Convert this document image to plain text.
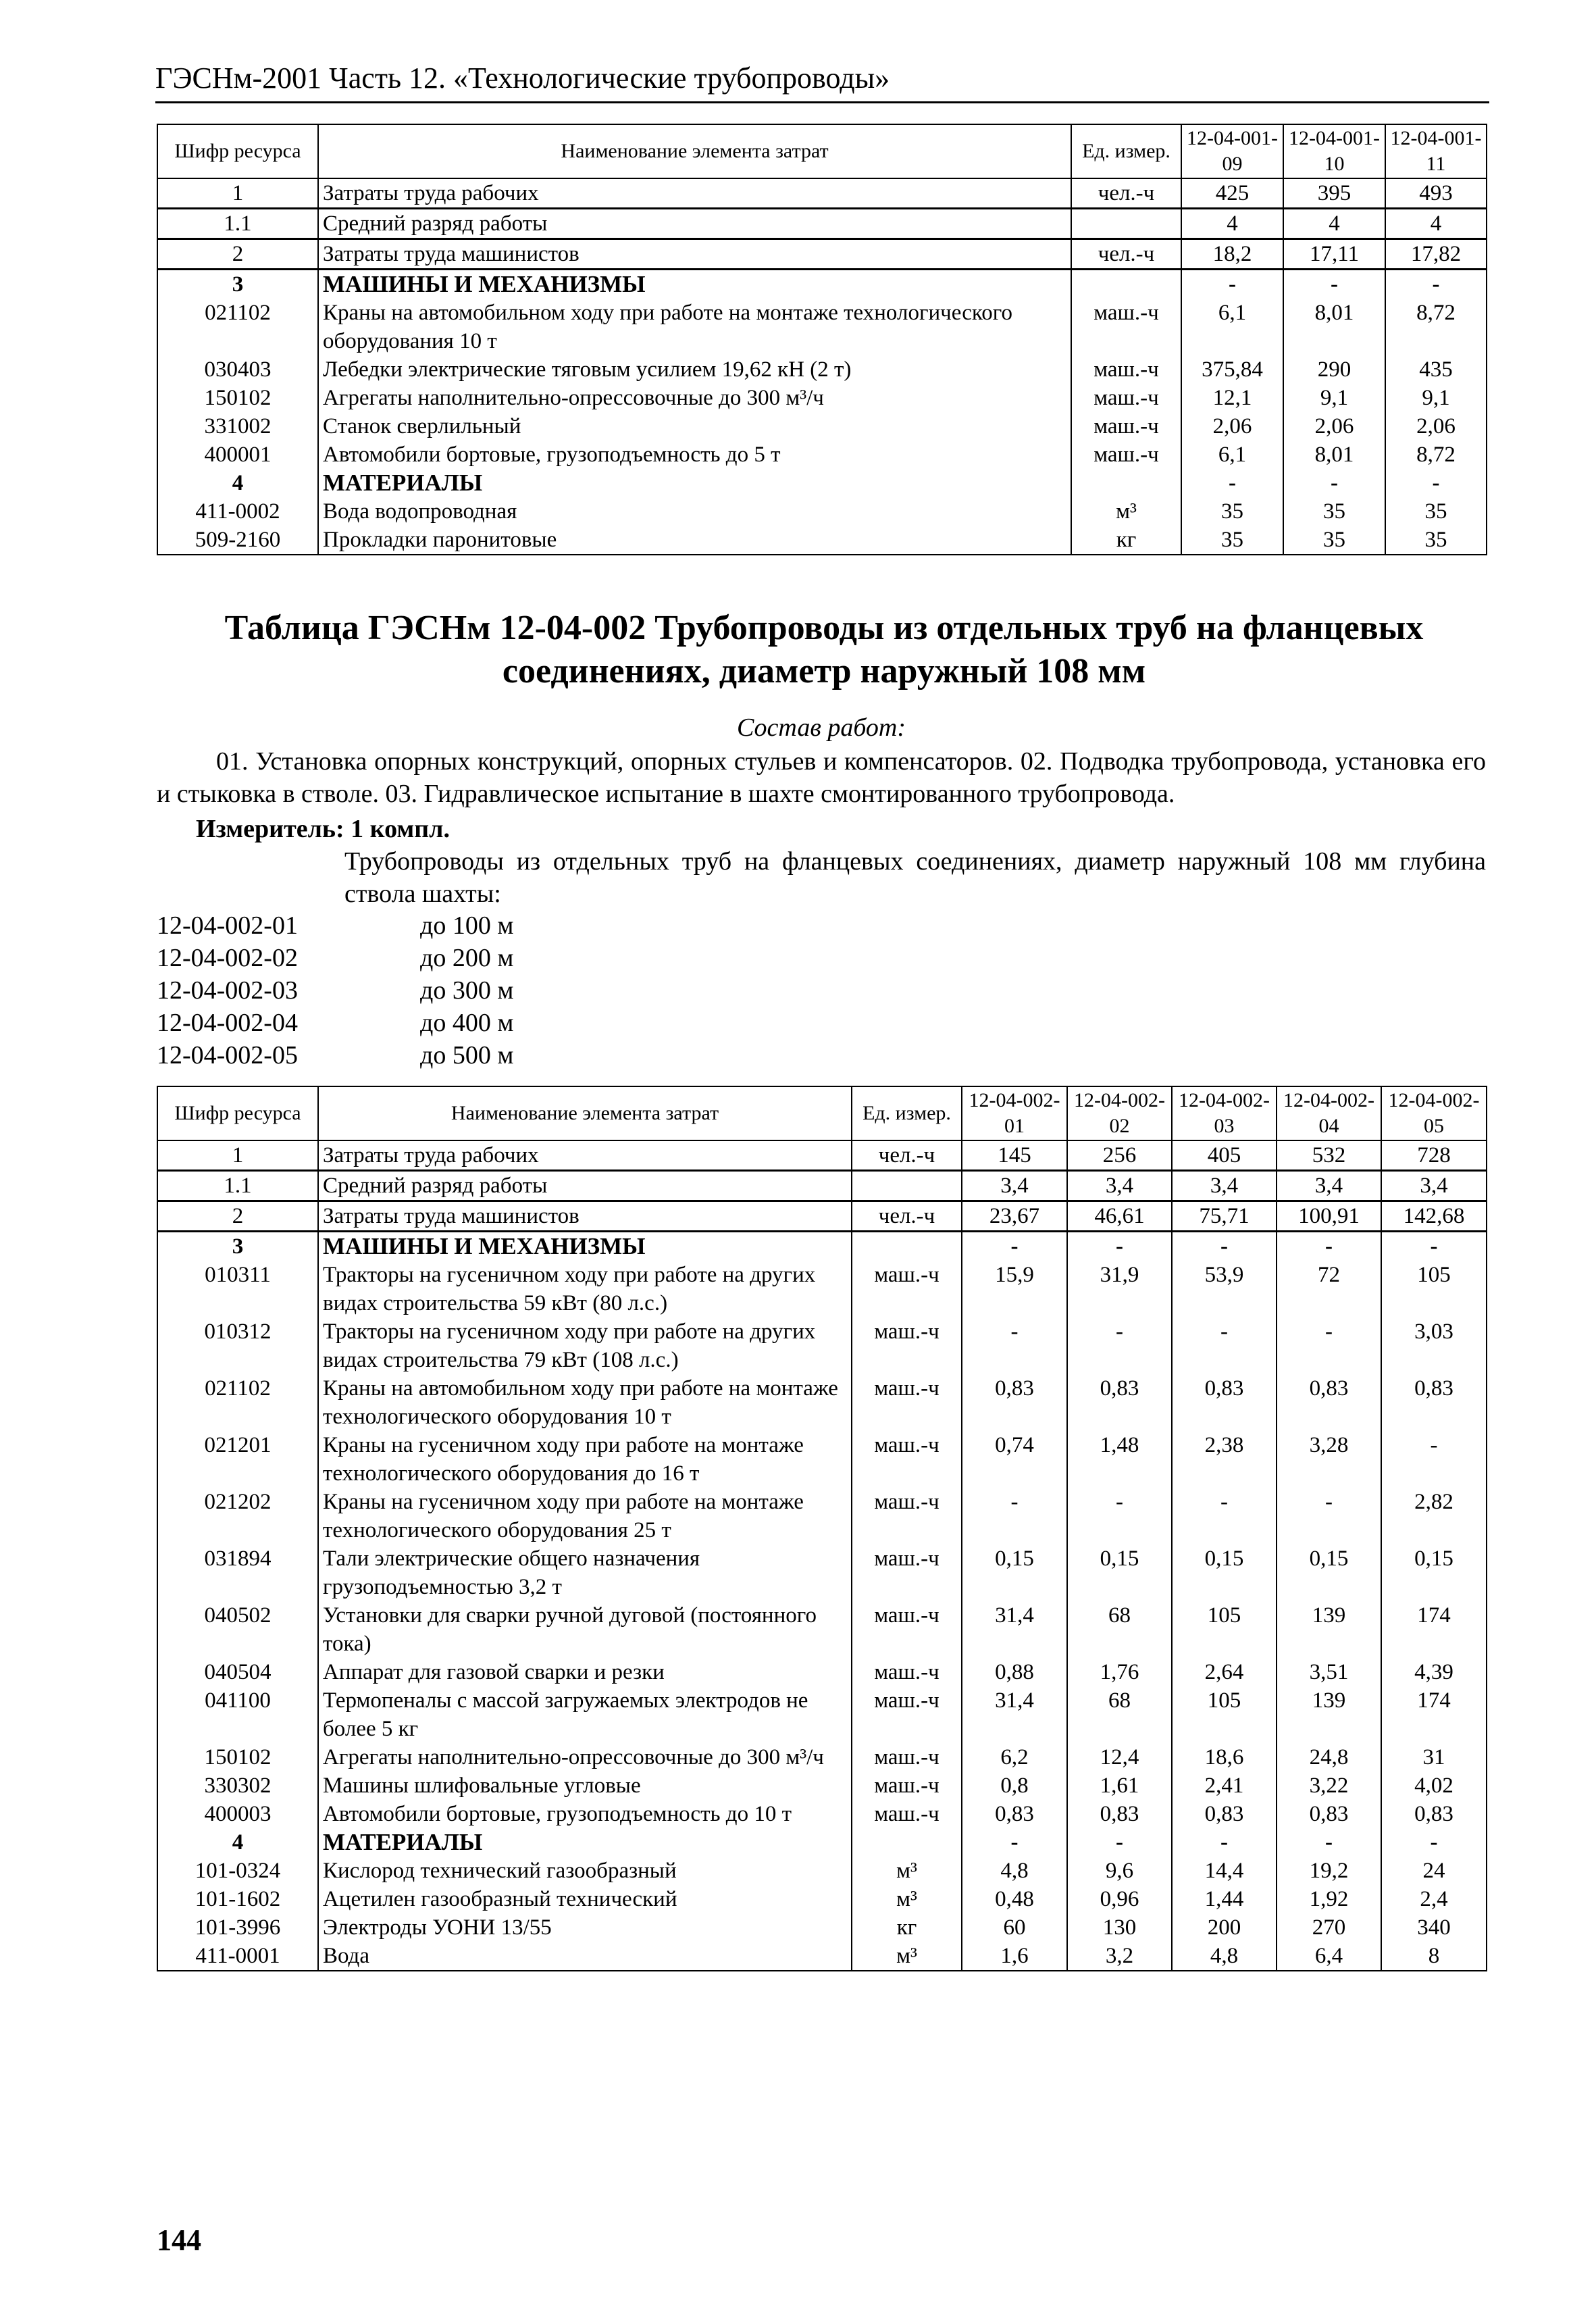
ГЭСНм-2001 Часть 12. «Технологические трубопроводы»
Шифр ресурса	Наименование элемента затрат	Ед. измер.	12-04-001-09	12-04-001-10	12-04-001-11
1	Затраты труда рабочих	чел.-ч	425	395	493
1.1	Средний разряд работы		4	4	4
2	Затраты труда машинистов	чел.-ч	18,2	17,11	17,82
3	МАШИНЫ И МЕХАНИЗМЫ		-	-	-
021102	Краны на автомобильном ходу при работе на монтаже технологического оборудования 10 т	маш.-ч	6,1	8,01	8,72
030403	Лебедки электрические тяговым усилием 19,62 кН (2 т)	маш.-ч	375,84	290	435
150102	Агрегаты наполнительно-опрессовочные до 300 м³/ч	маш.-ч	12,1	9,1	9,1
331002	Станок сверлильный	маш.-ч	2,06	2,06	2,06
400001	Автомобили бортовые, грузоподъемность до 5 т	маш.-ч	6,1	8,01	8,72
4	МАТЕРИАЛЫ		-	-	-
411-0002	Вода водопроводная	м³	35	35	35
509-2160	Прокладки паронитовые	кг	35	35	35
Таблица ГЭСНм 12-04-002 Трубопроводы из отдельных труб на фланцевых соединениях, диаметр наружный 108 мм
Состав работ:
01. Установка опорных конструкций, опорных стульев и компенсаторов. 02. Подводка трубопровода, установка его и стыковка в стволе. 03. Гидравлическое испытание в шахте смонтированного трубопровода.
Измеритель: 1 компл.
Трубопроводы из отдельных труб на фланцевых соединениях, диаметр наружный 108 мм глубина ствола шахты:
12-04-002-01	до 100 м
12-04-002-02	до 200 м
12-04-002-03	до 300 м
12-04-002-04	до 400 м
12-04-002-05	до 500 м
Шифр ресурса	Наименование элемента затрат	Ед. измер.	12-04-002-01	12-04-002-02	12-04-002-03	12-04-002-04	12-04-002-05
1	Затраты труда рабочих	чел.-ч	145	256	405	532	728
1.1	Средний разряд работы		3,4	3,4	3,4	3,4	3,4
2	Затраты труда машинистов	чел.-ч	23,67	46,61	75,71	100,91	142,68
3	МАШИНЫ И МЕХАНИЗМЫ		-	-	-	-	-
010311	Тракторы на гусеничном ходу при работе на других видах строительства 59 кВт (80 л.с.)	маш.-ч	15,9	31,9	53,9	72	105
010312	Тракторы на гусеничном ходу при работе на других видах строительства 79 кВт (108 л.с.)	маш.-ч	-	-	-	-	3,03
021102	Краны на автомобильном ходу при работе на монтаже технологического оборудования 10 т	маш.-ч	0,83	0,83	0,83	0,83	0,83
021201	Краны на гусеничном ходу при работе на монтаже технологического оборудования до 16 т	маш.-ч	0,74	1,48	2,38	3,28	-
021202	Краны на гусеничном ходу при работе на монтаже технологического оборудования 25 т	маш.-ч	-	-	-	-	2,82
031894	Тали электрические общего назначения грузоподъемностью 3,2 т	маш.-ч	0,15	0,15	0,15	0,15	0,15
040502	Установки для сварки ручной дуговой (постоянного тока)	маш.-ч	31,4	68	105	139	174
040504	Аппарат для газовой сварки и резки	маш.-ч	0,88	1,76	2,64	3,51	4,39
041100	Термопеналы с массой загружаемых электродов не более 5 кг	маш.-ч	31,4	68	105	139	174
150102	Агрегаты наполнительно-опрессовочные до 300 м³/ч	маш.-ч	6,2	12,4	18,6	24,8	31
330302	Машины шлифовальные угловые	маш.-ч	0,8	1,61	2,41	3,22	4,02
400003	Автомобили бортовые, грузоподъемность до 10 т	маш.-ч	0,83	0,83	0,83	0,83	0,83
4	МАТЕРИАЛЫ		-	-	-	-	-
101-0324	Кислород технический газообразный	м³	4,8	9,6	14,4	19,2	24
101-1602	Ацетилен газообразный технический	м³	0,48	0,96	1,44	1,92	2,4
101-3996	Электроды УОНИ 13/55	кг	60	130	200	270	340
411-0001	Вода	м³	1,6	3,2	4,8	6,4	8
144
